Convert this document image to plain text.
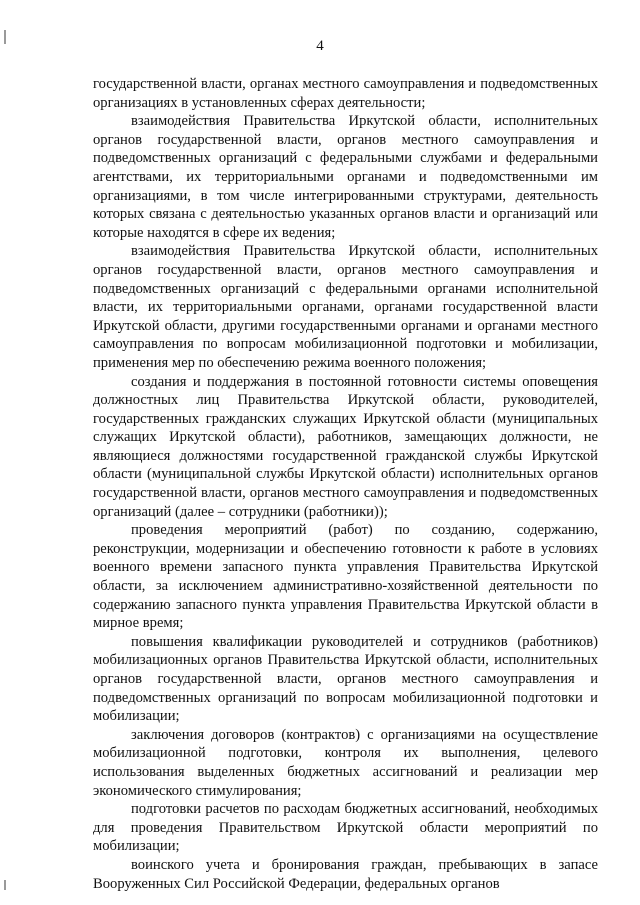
4

государственной власти, органах местного самоуправления и подведомственных организациях в установленных сферах деятельности;

взаимодействия Правительства Иркутской области, исполнительных органов государственной власти, органов местного самоуправления и подведомственных организаций с федеральными службами и федеральными агентствами, их территориальными органами и подведомственными им организациями, в том числе интегрированными структурами, деятельность которых связана с деятельностью указанных органов власти и организаций или которые находятся в сфере их ведения;

взаимодействия Правительства Иркутской области, исполнительных органов государственной власти, органов местного самоуправления и подведомственных организаций с федеральными органами исполнительной власти, их территориальными органами, органами государственной власти Иркутской области, другими государственными органами и органами местного самоуправления по вопросам мобилизационной подготовки и мобилизации, применения мер по обеспечению режима военного положения;

создания и поддержания в постоянной готовности системы оповещения должностных лиц Правительства Иркутской области, руководителей, государственных гражданских служащих Иркутской области (муниципальных служащих Иркутской области), работников, замещающих должности, не являющиеся должностями государственной гражданской службы Иркутской области (муниципальной службы Иркутской области) исполнительных органов государственной власти, органов местного самоуправления и подведомственных организаций (далее – сотрудники (работники));

проведения мероприятий (работ) по созданию, содержанию, реконструкции, модернизации и обеспечению готовности к работе в условиях военного времени запасного пункта управления Правительства Иркутской области, за исключением административно-хозяйственной деятельности по содержанию запасного пункта управления Правительства Иркутской области в мирное время;

повышения квалификации руководителей и сотрудников (работников) мобилизационных органов Правительства Иркутской области, исполнительных органов государственной власти, органов местного самоуправления и подведомственных организаций по вопросам мобилизационной подготовки и мобилизации;

заключения договоров (контрактов) с организациями на осуществление мобилизационной подготовки, контроля их выполнения, целевого использования выделенных бюджетных ассигнований и реализации мер экономического стимулирования;

подготовки расчетов по расходам бюджетных ассигнований, необходимых для проведения Правительством Иркутской области мероприятий по мобилизации;

воинского учета и бронирования граждан, пребывающих в запасе Вооруженных Сил Российской Федерации, федеральных органов
